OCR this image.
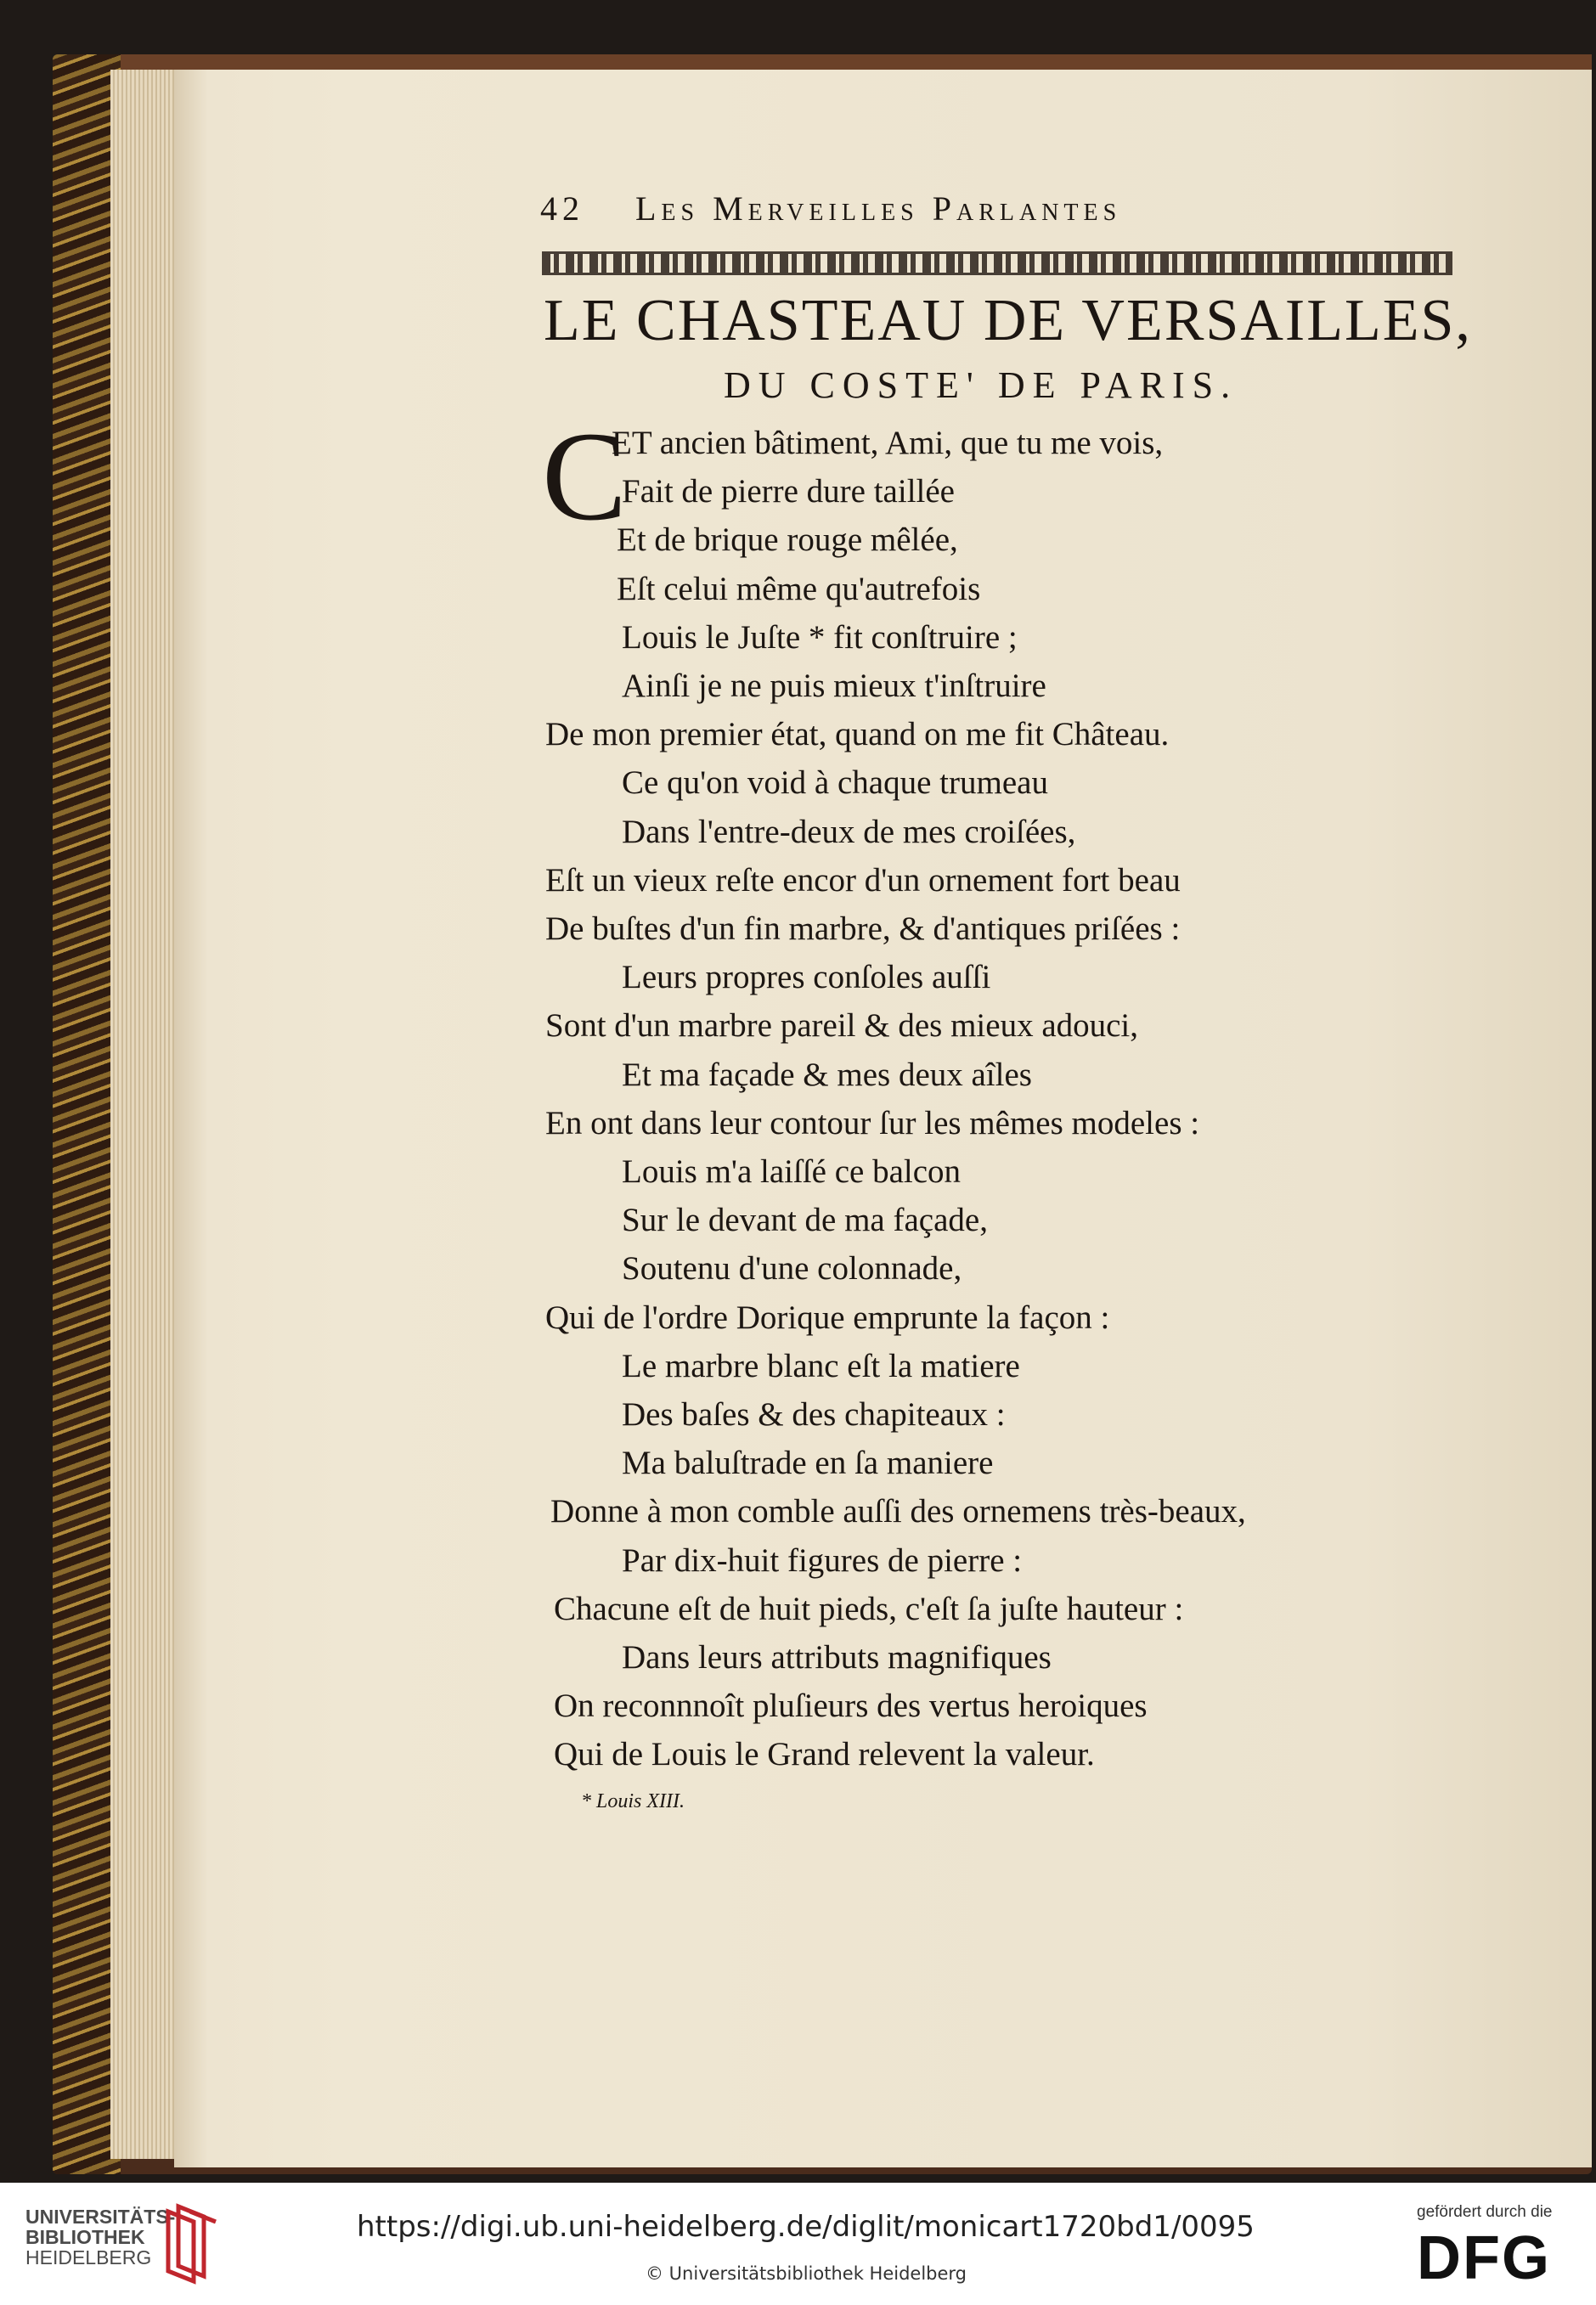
42 Les Merveilles Parlantes
LE CHASTEAU DE VERSAILLES,
DU COSTE' DE PARIS.
C
ET ancien bâtiment, Ami, que tu me vois,
Fait de pierre dure taillée
Et de brique rouge mêlée,
Eſt celui même qu'autrefois
Louis le Juſte * fit conſtruire ;
Ainſi je ne puis mieux t'inſtruire
De mon premier état, quand on me fit Château.
Ce qu'on void à chaque trumeau
Dans l'entre-deux de mes croiſées,
Eſt un vieux reſte encor d'un ornement fort beau
De buſtes d'un fin marbre, & d'antiques priſées :
Leurs propres conſoles auſſi
Sont d'un marbre pareil & des mieux adouci,
Et ma façade & mes deux aîles
En ont dans leur contour ſur les mêmes modeles :
Louis m'a laiſſé ce balcon
Sur le devant de ma façade,
Soutenu d'une colonnade,
Qui de l'ordre Dorique emprunte la façon :
Le marbre blanc eſt la matiere
Des baſes & des chapiteaux :
Ma baluſtrade en ſa maniere
Donne à mon comble auſſi des ornemens très-beaux,
Par dix-huit figures de pierre :
Chacune eſt de huit pieds, c'eſt ſa juſte hauteur :
Dans leurs attributs magnifiques
On reconnnoît pluſieurs des vertus heroiques
Qui de Louis le Grand relevent la valeur.
* Louis XIII.
UNIVERSITÄTS-
BIBLIOTHEK
HEIDELBERG
https://digi.ub.uni-heidelberg.de/diglit/monicart1720bd1/0095
© Universitätsbibliothek Heidelberg
gefördert durch die
DFG
